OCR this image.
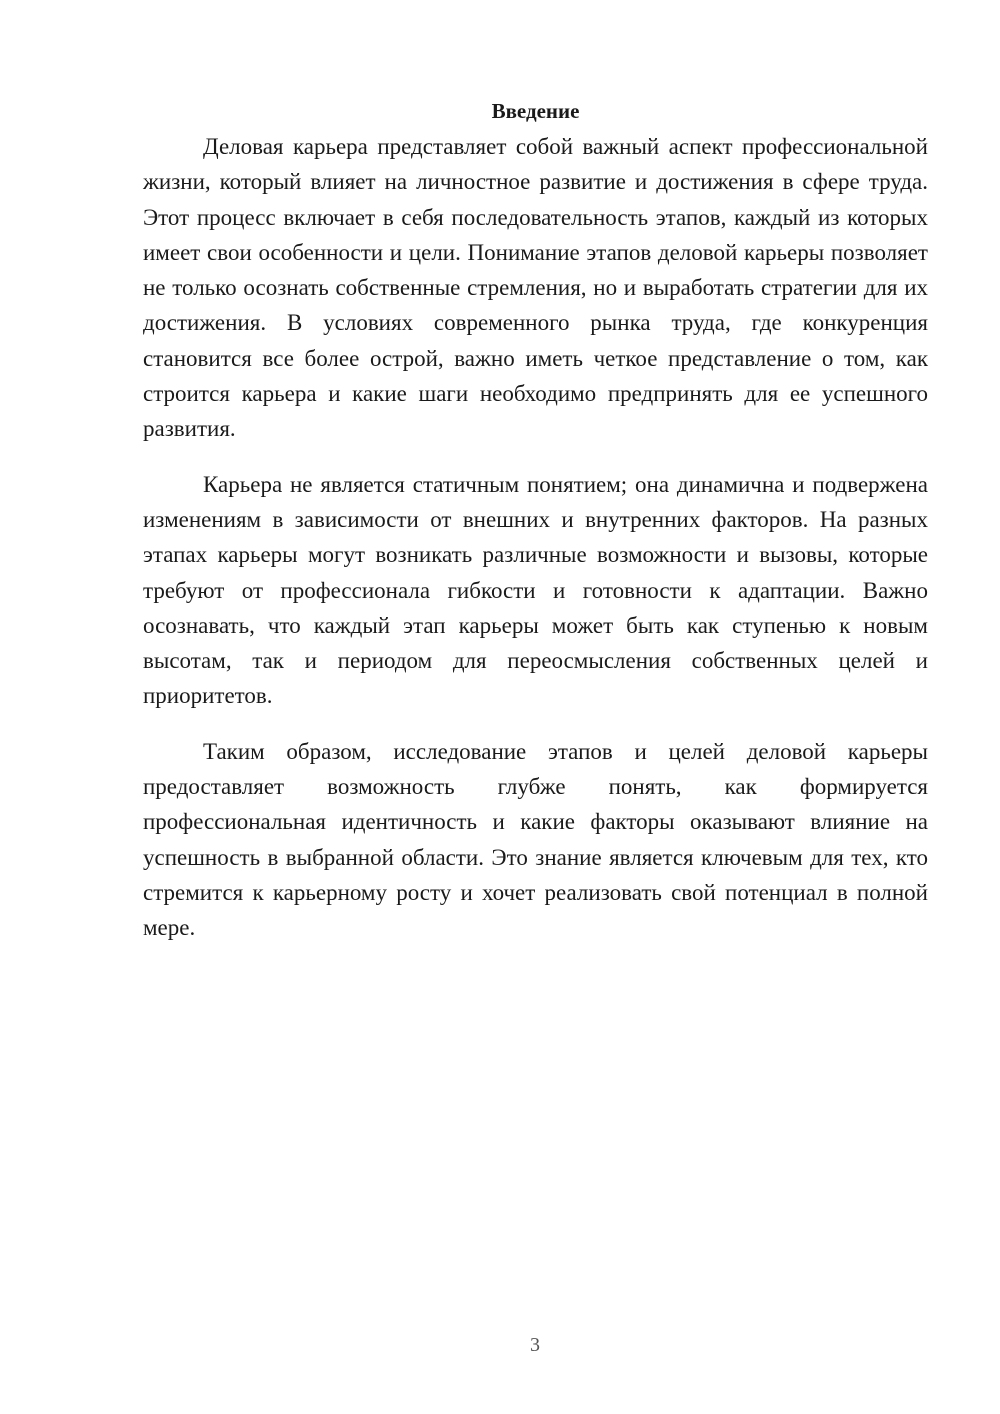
Введение

Деловая карьера представляет собой важный аспект профессиональной жизни, который влияет на личностное развитие и достижения в сфере труда. Этот процесс включает в себя последовательность этапов, каждый из которых имеет свои особенности и цели. Понимание этапов деловой карьеры позволяет не только осознать собственные стремления, но и выработать стратегии для их достижения. В условиях современного рынка труда, где конкуренция становится все более острой, важно иметь четкое представление о том, как строится карьера и какие шаги необходимо предпринять для ее успешного развития.

Карьера не является статичным понятием; она динамична и подвержена изменениям в зависимости от внешних и внутренних факторов. На разных этапах карьеры могут возникать различные возможности и вызовы, которые требуют от профессионала гибкости и готовности к адаптации. Важно осознавать, что каждый этап карьеры может быть как ступенью к новым высотам, так и периодом для переосмысления собственных целей и приоритетов.

Таким образом, исследование этапов и целей деловой карьеры предоставляет возможность глубже понять, как формируется профессиональная идентичность и какие факторы оказывают влияние на успешность в выбранной области. Это знание является ключевым для тех, кто стремится к карьерному росту и хочет реализовать свой потенциал в полной мере.

3
